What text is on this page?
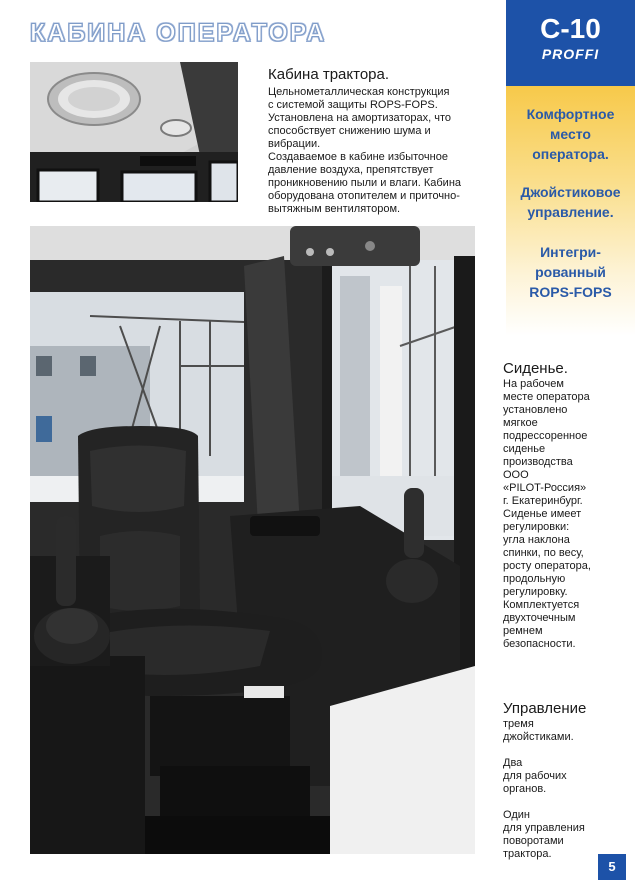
КАБИНА ОПЕРАТОРА	C-10
PROFFI
Комфортное
место
оператора.
Джойстиковое
управление.
Интегри-
рованный
ROPS-FOPS
Кабина трактора.
Цельнометаллическая конструкция
с системой защиты ROPS-FOPS.
Установлена на амортизаторах, что
способствует снижению шума и
вибрации.
Создаваемое в кабине избыточное
давление воздуха, препятствует
проникновению пыли и влаги. Кабина
оборудована отопителем и приточно-
вытяжным вентилятором.
Сиденье.
На рабочем
месте оператора
установлено
мягкое
подрессоренное
сиденье
производства
ООО
«PILOT-Россия»
г. Екатеринбург.
Сиденье имеет
регулировки:
угла наклона
спинки, по весу,
росту оператора,
продольную
регулировку.
Комплектуется
двухточечным
ремнем
безопасности.
Управление
тремя
джойстиками.
Два
для рабочих
органов.
Один
для управления
поворотами
трактора.
5
